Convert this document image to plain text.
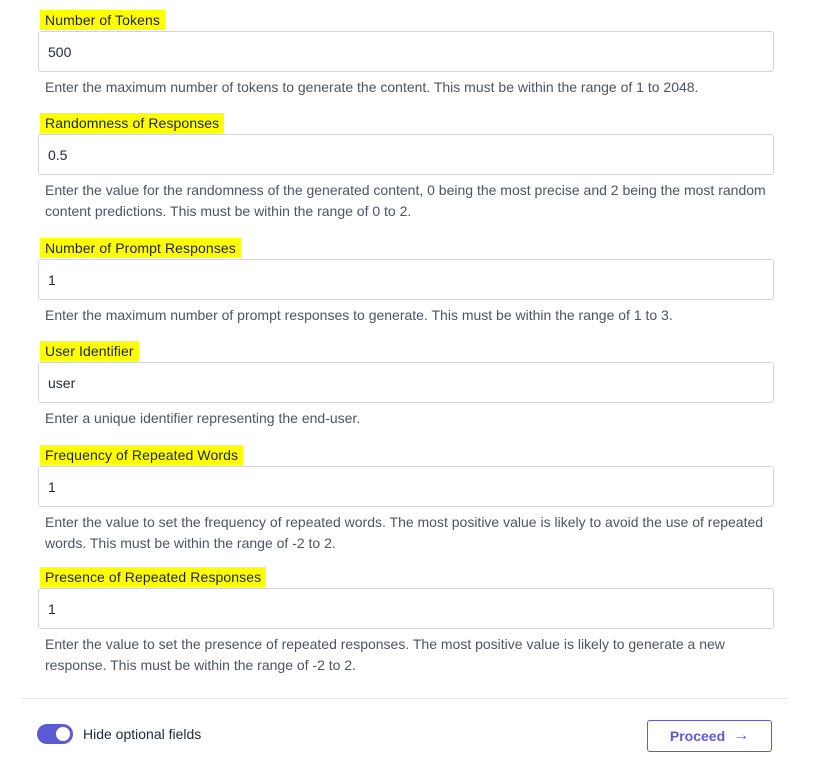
Number of Tokens
500
Enter the maximum number of tokens to generate the content. This must be within the range of 1 to 2048.
Randomness of Responses
0.5
Enter the value for the randomness of the generated content, 0 being the most precise and 2 being the most random content predictions. This must be within the range of 0 to 2.
Number of Prompt Responses
1
Enter the maximum number of prompt responses to generate. This must be within the range of 1 to 3.
User Identifier
user
Enter a unique identifier representing the end-user.
Frequency of Repeated Words
1
Enter the value to set the frequency of repeated words. The most positive value is likely to avoid the use of repeated words. This must be within the range of -2 to 2.
Presence of Repeated Responses
1
Enter the value to set the presence of repeated responses. The most positive value is likely to generate a new response. This must be within the range of -2 to 2.
Hide optional fields	Proceed →
